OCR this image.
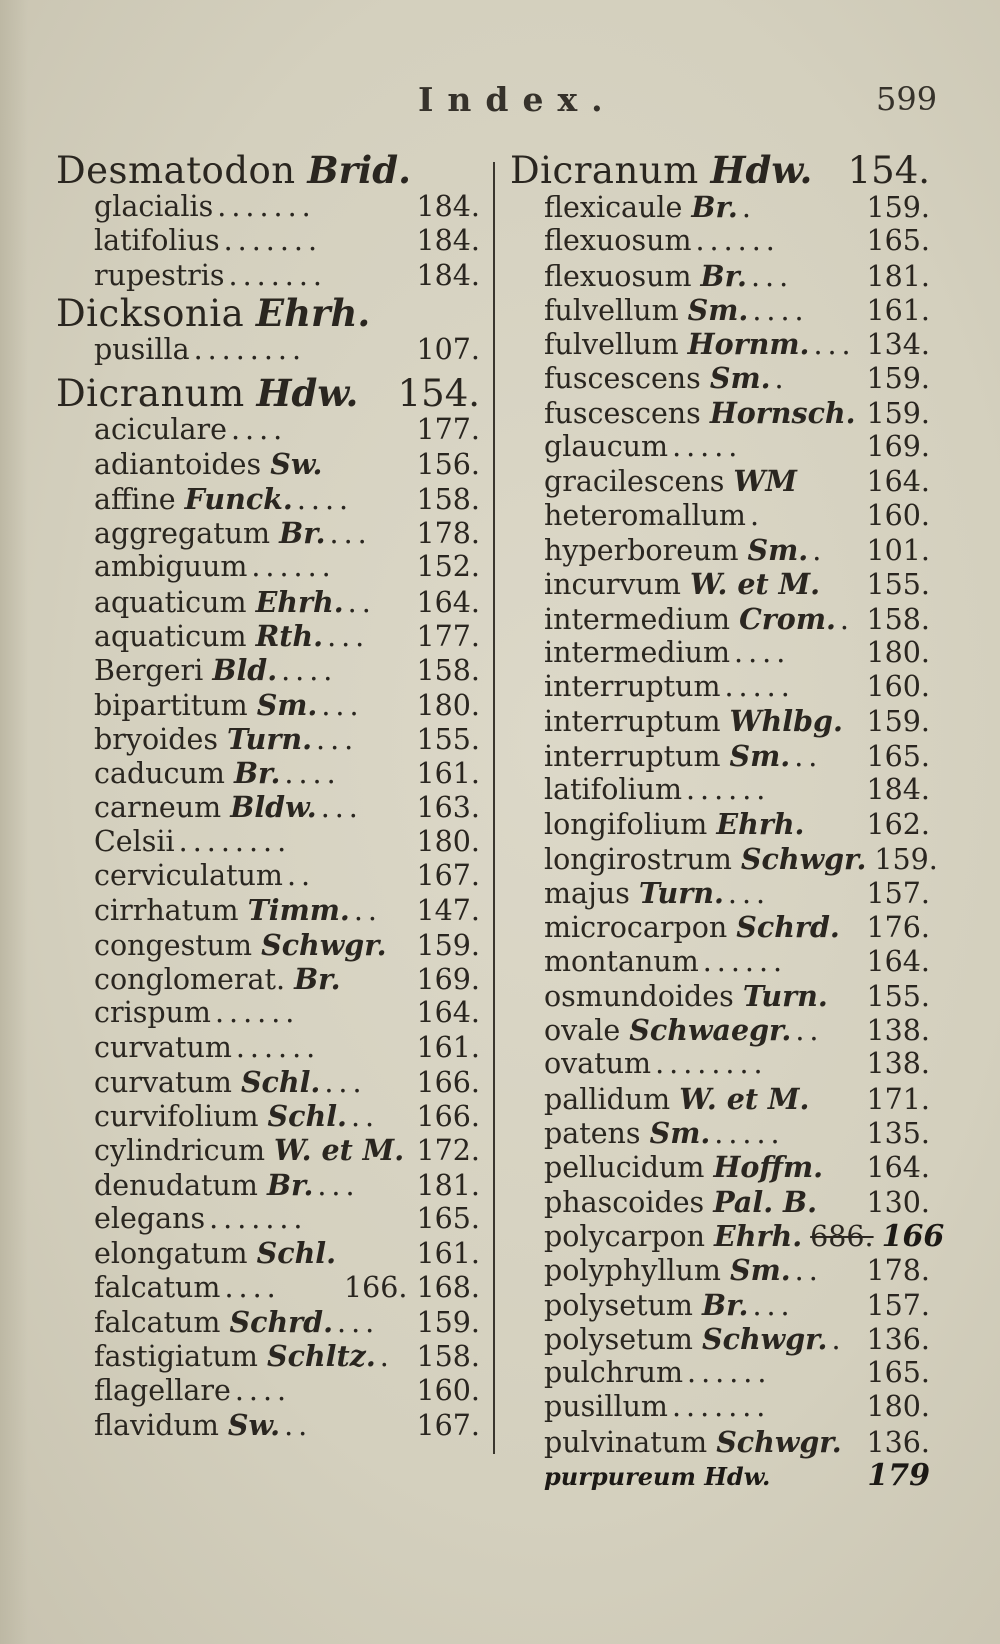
Index.	599
Desmatodon Brid.
glacialis .......	184.
latifolius .......	184.
rupestris .......	184.
Dicksonia Ehrh.
pusilla ........	107.
Dicranum Hdw. 154.
aciculare ....	177.
adiantoides Sw.	156.
affine Funck. ....	158.
aggregatum Br. ...	178.
ambiguum ......	152.
aquaticum Ehrh. ..	164.
aquaticum Rth. ...	177.
Bergeri Bld. ....	158.
bipartitum Sm. ...	180.
bryoides Turn. ...	155.
caducum Br. ....	161.
carneum Bldw. ...	163.
Celsii ........	180.
cerviculatum ..	167.
cirrhatum Timm. ..	147.
congestum Schwgr. 159.
conglomerat. Br.	169.
crispum ......	164.
curvatum ......	161.
curvatum Schl. ...	166.
curvifolium Schl. ..	166.
cylindricum W. et M. 172.
denudatum Br. ...	181.
elegans .......	165.
elongatum Schl.	161.
falcatum ....	166. 168.
falcatum Schrd. ...	159.
fastigiatum Schltz. . 158.
flagellare ....	160.
flavidum Sw. ..	167.
Dicranum Hdw. 154.
flexicaule Br. .	159.
flexuosum ......	165.
flexuosum Br. ...	181.
fulvellum Sm. ....	161.
fulvellum Hornm. ... 134.
fuscescens Sm. .	159.
fuscescens Hornsch. 159.
glaucum .....	169.
gracilescens WM 164.
heteromallum .	160.
hyperboreum Sm. .	101.
incurvum W. et M. 155.
intermedium Crom. . 158.
intermedium ....	180.
interruptum .....	160.
interruptum Whlbg. 159.
interruptum Sm. ..	165.
latifolium ......	184.
longifolium Ehrh. 162.
longirostrum Schwgr. 159.
majus Turn. ...	157.
microcarpon Schrd. 176.
montanum ......	164.
osmundoides Turn. 155.
ovale Schwaegr. ..	138.
ovatum ........	138.
pallidum W. et M. 171.
patens Sm. .....	135.
pellucidum Hoffm. 164.
phascoides Pal. B. 130.
polycarpon Ehrh. 686. 166
polyphyllum Sm. ..	178.
polysetum Br. ...	157.
polysetum Schwgr. . 136.
pulchrum ......	165.
pusillum .......	180.
pulvinatum Schwgr. 136.
purpureum Hdw.	179
